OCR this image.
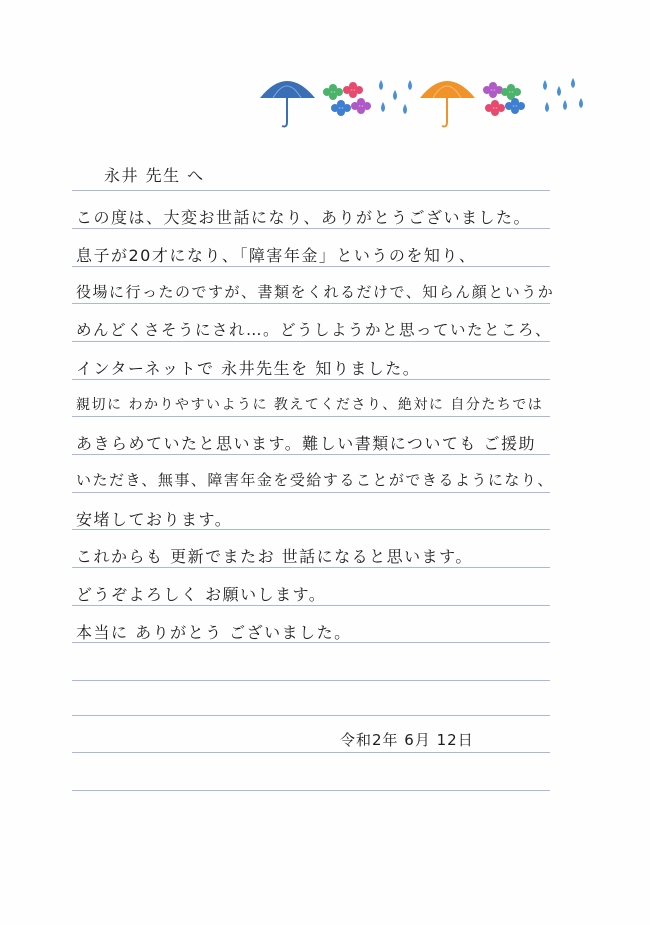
永井 先生 へ
この度は、大変お世話になり、ありがとうございました。
息子が20才になり、「障害年金」というのを知り、
役場に行ったのですが、書類をくれるだけで、知らん顔というか
めんどくさそうにされ…。どうしようかと思っていたところ、
インターネットで 永井先生を 知りました。
親切に わかりやすいように 教えてくださり、絶対に 自分たちでは
あきらめていたと思います。難しい書類についても ご援助
いただき、無事、障害年金を受給することができるようになり、
安堵しております。
これからも 更新でまたお 世話になると思います。
どうぞよろしく お願いします。
本当に ありがとう ございました。
令和2年 6月 12日
